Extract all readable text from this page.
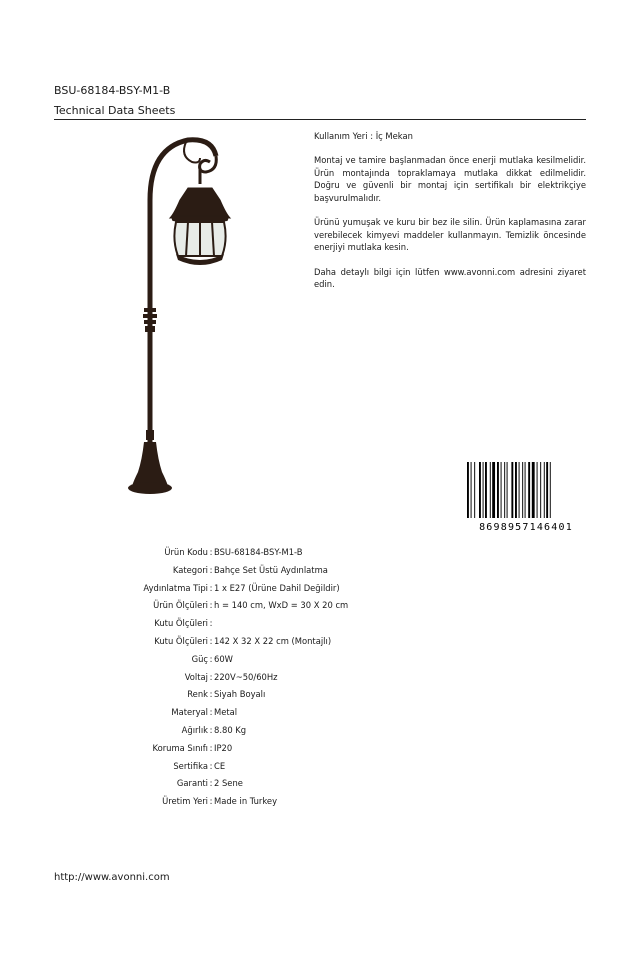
BSU-68184-BSY-M1-B
Technical Data Sheets

Kullanım Yeri : İç Mekan

Montaj ve tamire başlanmadan önce enerji mutlaka kesilmelidir. Ürün montajında topraklamaya mutlaka dikkat edilmelidir. Doğru ve güvenli bir montaj için sertifikalı bir elektrikçiye başvurulmalıdır.

Ürünü yumuşak ve kuru bir bez ile silin. Ürün kaplamasına zarar verebilecek kimyevi maddeler kullanmayın. Temizlik öncesinde enerjiyi mutlaka kesin.

Daha detaylı bilgi için lütfen www.avonni.com adresini ziyaret edin.

8698957146401
Ürün Kodu : BSU-68184-BSY-M1-B
Kategori : Bahçe Set Üstü Aydınlatma
Aydınlatma Tipi : 1 x E27 (Ürüne Dahil Değildir)
Ürün Ölçüleri : h = 140 cm, WxD = 30 X 20 cm
Kutu Ölçüleri :
Kutu Ölçüleri : 142 X 32 X 22 cm (Montajlı)
Güç : 60W
Voltaj : 220V~50/60Hz
Renk : Siyah Boyalı
Materyal : Metal
Ağırlık : 8.80 Kg
Koruma Sınıfı : IP20
Sertifika : CE
Garanti : 2 Sene
Üretim Yeri : Made in Turkey
http://www.avonni.com
